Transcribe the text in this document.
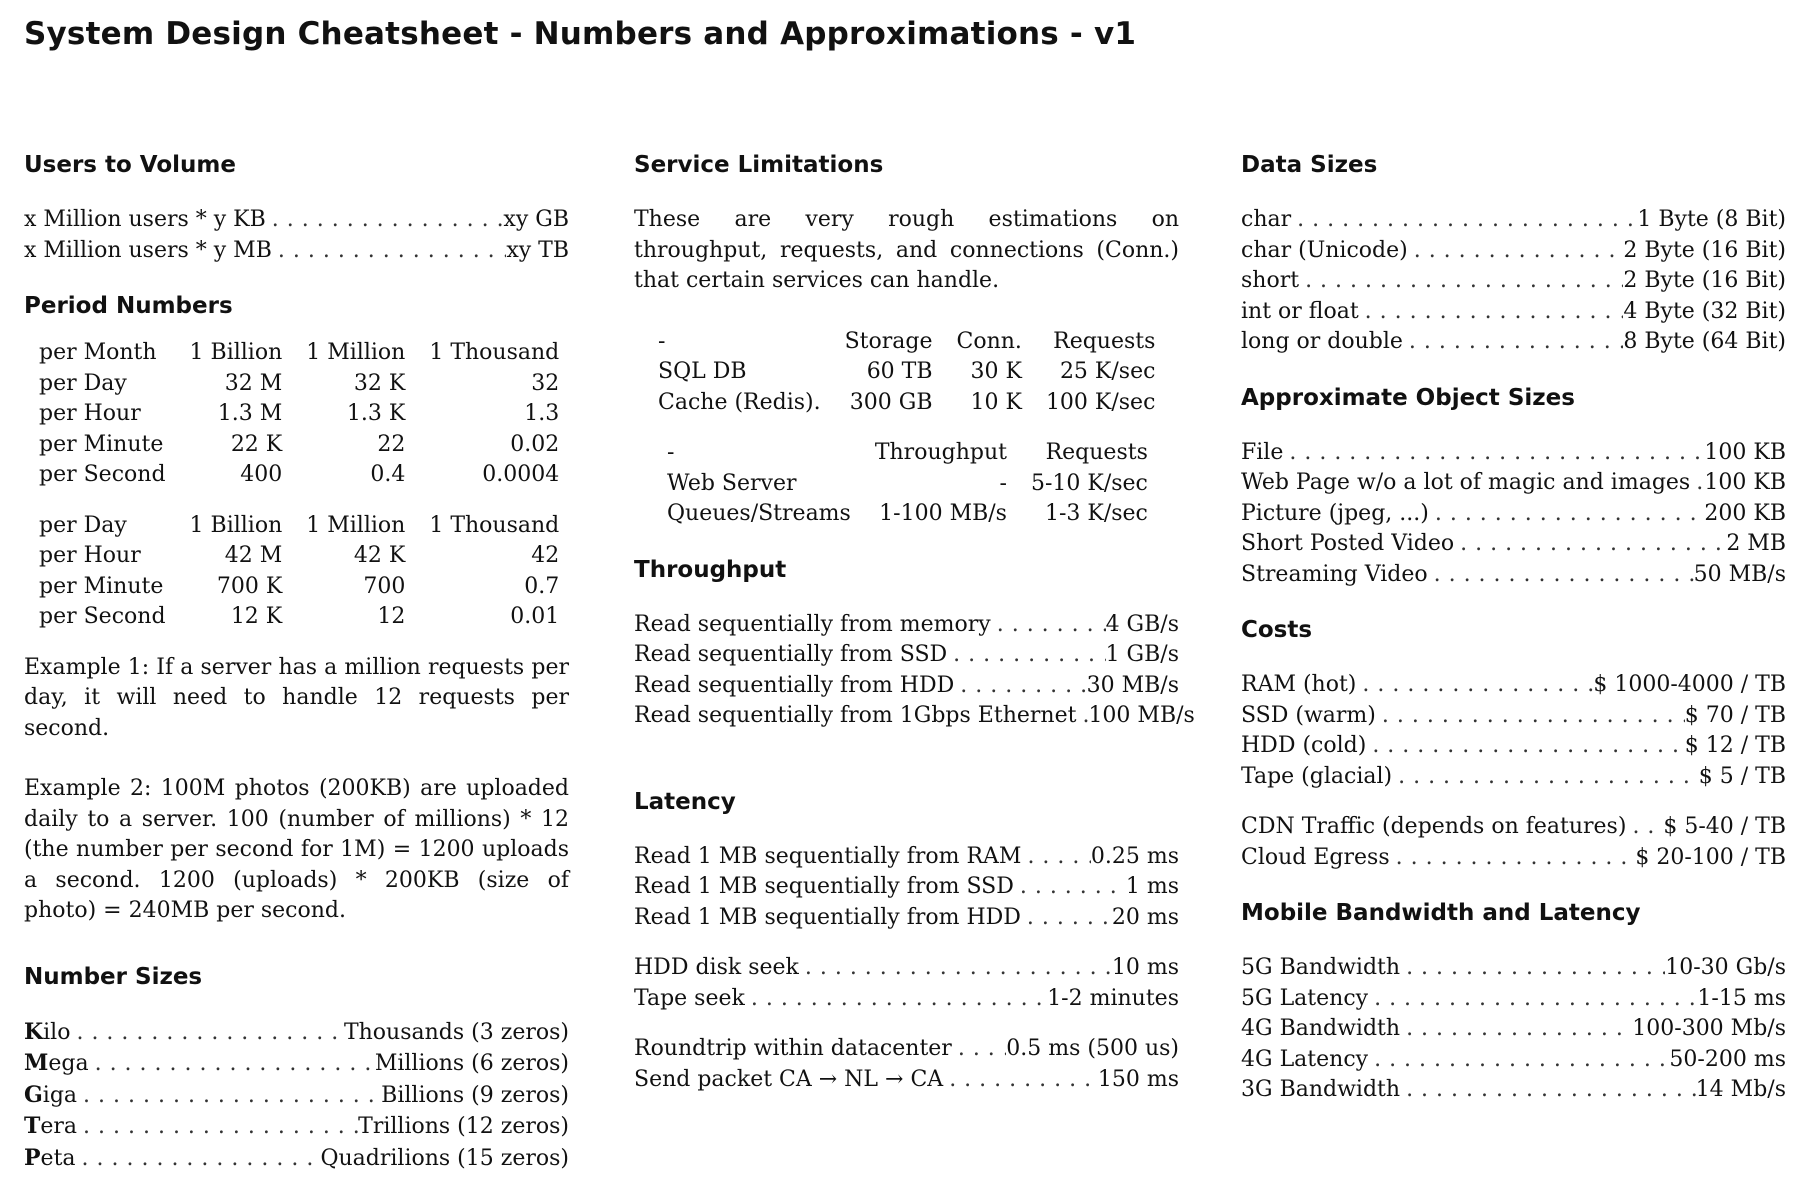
System Design Cheatsheet - Numbers and Approximations - v1
Users to Volume
x Million users * y KB . . .	xy GB
x Million users * y MB . . .	xy TB
Period Numbers
per Month	1 Billion	1 Million	1 Thousand
per Day	32 M	32 K	32
per Hour	1.3 M	1.3 K	1.3
per Minute	22 K	22	0.02
per Second	400	0.4	0.0004
per Day	1 Billion	1 Million	1 Thousand
per Hour	42 M	42 K	42
per Minute	700 K	700	0.7
per Second	12 K	12	0.01

Example 1: If a server has a million requests per day, it will need to handle 12 requests per second.

Example 2: 100M photos (200KB) are uploaded daily to a server. 100 (number of millions) * 12 (the number per second for 1M) = 1200 uploads a second. 1200 (uploads) * 200KB (size of photo) = 240MB per second.

Number Sizes
Kilo . . .	Thousands (3 zeros)
Mega . . .	Millions (6 zeros)
Giga . . .	Billions (9 zeros)
Tera . . .	Trillions (12 zeros)
Peta . . .	Quadrilions (15 zeros)
Service Limitations

These are very rough estimations on throughput, requests, and connections (Conn.) that certain services can handle.

-	Storage	Conn.	Requests
SQL DB	60 TB	30 K	25 K/sec
Cache (Redis).	300 GB	10 K	100 K/sec
-	Throughput	Requests
Web Server	-	5-10 K/sec
Queues/Streams	1-100 MB/s	1-3 K/sec
Throughput
Read sequentially from memory . . .	4 GB/s
Read sequentially from SSD . . .	1 GB/s
Read sequentially from HDD . . .	30 MB/s
Read sequentially from 1Gbps Ethernet . . . 100 MB/s
Latency
Read 1 MB sequentially from RAM . . .	0.25 ms
Read 1 MB sequentially from SSD . . .	1 ms
Read 1 MB sequentially from HDD . . .	20 ms
HDD disk seek . . .	10 ms
Tape seek . . .	1-2 minutes
Roundtrip within datacenter . . . 0.5 ms (500 us)
Send packet CA → NL → CA . . .	150 ms
Data Sizes
char . . .	1 Byte (8 Bit)
char (Unicode) . . .	2 Byte (16 Bit)
short . . .	2 Byte (16 Bit)
int or float . . .	4 Byte (32 Bit)
long or double . . .	8 Byte (64 Bit)
Approximate Object Sizes
File . . .	100 KB
Web Page w/o a lot of magic and images . . . 100 KB
Picture (jpeg, ...) . . .	200 KB
Short Posted Video . . .	2 MB
Streaming Video . . .	50 MB/s
Costs
RAM (hot) . . .	$ 1000-4000 / TB
SSD (warm) . . .	$ 70 / TB
HDD (cold) . . .	$ 12 / TB
Tape (glacial) . . .	$ 5 / TB
CDN Traffic (depends on features) . . . $ 5-40 / TB
Cloud Egress . . .	$ 20-100 / TB
Mobile Bandwidth and Latency
5G Bandwidth . . .	10-30 Gb/s
5G Latency . . .	1-15 ms
4G Bandwidth . . .	100-300 Mb/s
4G Latency . . .	50-200 ms
3G Bandwidth . . .	14 Mb/s
